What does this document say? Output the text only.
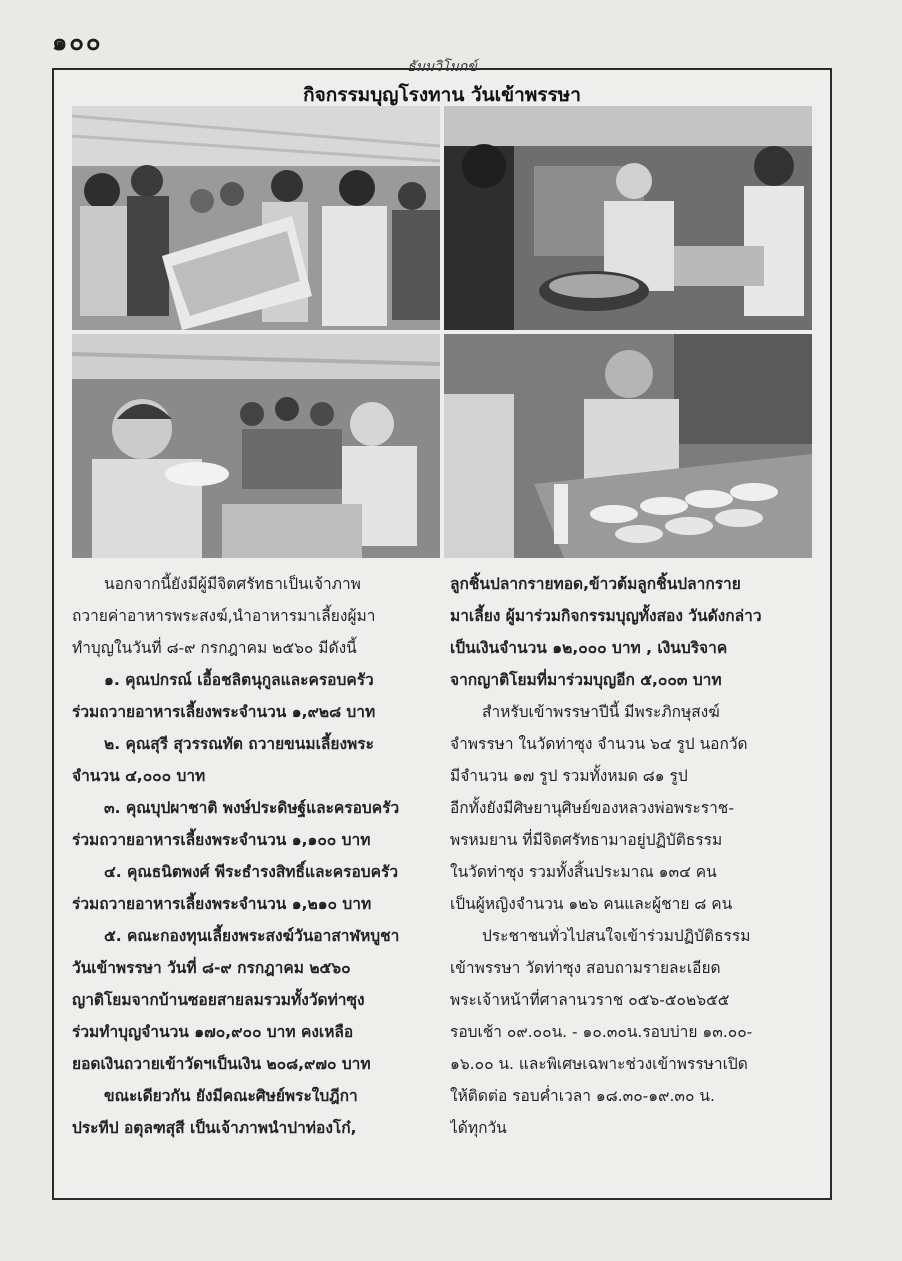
๑๐๐
ธัมมวิโมกข์
กิจกรรมบุญโรงทาน วันเข้าพรรษา

นอกจากนี้ยังมีผู้มีจิตศรัทธาเป็นเจ้าภาพ

ถวายค่าอาหารพระสงฆ์,นำอาหารมาเลี้ยงผู้มา

ทำบุญในวันที่ ๘-๙ กรกฎาคม ๒๕๖๐ มีดังนี้

๑. คุณปกรณ์ เอื้อชลิตนุกูลและครอบครัว

ร่วมถวายอาหารเลี้ยงพระจำนวน ๑,๙๒๘ บาท

๒. คุณสุรี สุวรรณทัต ถวายขนมเลี้ยงพระ

จำนวน ๔,๐๐๐ บาท

๓. คุณบุปผาชาติ พงษ์ประดิษฐ์และครอบครัว

ร่วมถวายอาหารเลี้ยงพระจำนวน ๑,๑๐๐ บาท

๔. คุณธนิตพงศ์ พีระธำรงสิทธิ์และครอบครัว

ร่วมถวายอาหารเลี้ยงพระจำนวน ๑,๒๑๐ บาท

๕. คณะกองทุนเลี้ยงพระสงฆ์วันอาสาฬหบูชา

วันเข้าพรรษา วันที่ ๘-๙ กรกฎาคม ๒๕๖๐

ญาติโยมจากบ้านซอยสายลมรวมทั้งวัดท่าซุง

ร่วมทำบุญจำนวน ๑๗๐,๙๐๐ บาท คงเหลือ

ยอดเงินถวายเข้าวัดฯเป็นเงิน ๒๐๘,๙๗๐ บาท

ขณะเดียวกัน ยังมีคณะศิษย์พระใบฎีกา

ประทีป อตุลฑสุสี เป็นเจ้าภาพนำปาท่องโก๋,

ลูกชิ้นปลากรายทอด,ข้าวต้มลูกชิ้นปลากราย

มาเลี้ยง ผู้มาร่วมกิจกรรมบุญทั้งสอง วันดังกล่าว

เป็นเงินจำนวน ๑๒,๐๐๐ บาท , เงินบริจาค

จากญาติโยมที่มาร่วมบุญอีก ๕,๐๐๓ บาท

สำหรับเข้าพรรษาปีนี้ มีพระภิกษุสงฆ์

จำพรรษา ในวัดท่าซุง จำนวน ๖๔ รูป นอกวัด

มีจำนวน ๑๗ รูป รวมทั้งหมด ๘๑ รูป

อีกทั้งยังมีศิษยานุศิษย์ของหลวงพ่อพระราช-

พรหมยาน ที่มีจิตศรัทธามาอยู่ปฏิบัติธรรม

ในวัดท่าซุง รวมทั้งสิ้นประมาณ ๑๓๔ คน

เป็นผู้หญิงจำนวน ๑๒๖ คนและผู้ชาย ๘ คน

ประชาชนทั่วไปสนใจเข้าร่วมปฏิบัติธรรม

เข้าพรรษา วัดท่าซุง สอบถามรายละเอียด

พระเจ้าหน้าที่ศาลานวราช ๐๕๖-๕๐๒๖๕๕

รอบเช้า ๐๙.๐๐น. - ๑๐.๓๐น.รอบบ่าย ๑๓.๐๐-

๑๖.๐๐ น. และพิเศษเฉพาะช่วงเข้าพรรษาเปิด

ให้ติดต่อ รอบค่ำเวลา ๑๘.๓๐-๑๙.๓๐ น.

ได้ทุกวัน
